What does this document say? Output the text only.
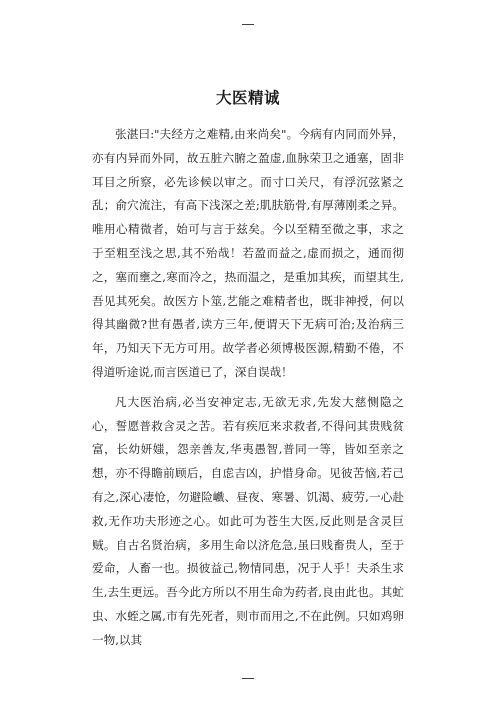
—
大医精诚

张湛曰:"夫经方之难精,由来尚矣"。今病有内同而外异，亦有内异而外同，故五脏六腑之盈虚,血脉荣卫之通塞，固非耳目之所察，必先诊候以审之。而寸口关尺，有浮沉弦紧之乱；俞穴流注，有高下浅深之差;肌肤筋骨,有厚薄刚柔之异。唯用心精微者，始可与言于兹矣。今以至精至微之事，求之于至粗至浅之思,其不殆哉！若盈而益之,虚而损之，通而彻之，塞而壅之,寒而冷之，热而温之，是重加其疾，而望其生,吾见其死矣。故医方卜筮,艺能之难精者也，既非神授，何以得其幽微?世有愚者,读方三年,便谓天下无病可治;及治病三年，乃知天下无方可用。故学者必须博极医源,精勤不倦，不得道听途说,而言医道已了，深自误哉！

凡大医治病,必当安神定志,无欲无求,先发大慈恻隐之心，誓愿普救含灵之苦。若有疾厄来求救者,不得问其贵贱贫富，长幼妍媸，怨亲善友,华夷愚智,普同一等，皆如至亲之想，亦不得瞻前顾后，自虑吉凶，护惜身命。见彼苦恼,若己有之,深心凄怆，勿避险巇、昼夜、寒暑、饥渴、疲劳,一心赴救,无作功夫形迹之心。如此可为苍生大医,反此则是含灵巨贼。自古名贤治病，多用生命以济危急,虽曰贱畜贵人，至于爱命，人畜一也。损彼益己,物情同患，况于人乎！夫杀生求生,去生更远。吾今此方所以不用生命为药者,良由此也。其虻虫、水蛭之属,市有先死者，则市而用之,不在此例。只如鸡卵一物,以其

—
